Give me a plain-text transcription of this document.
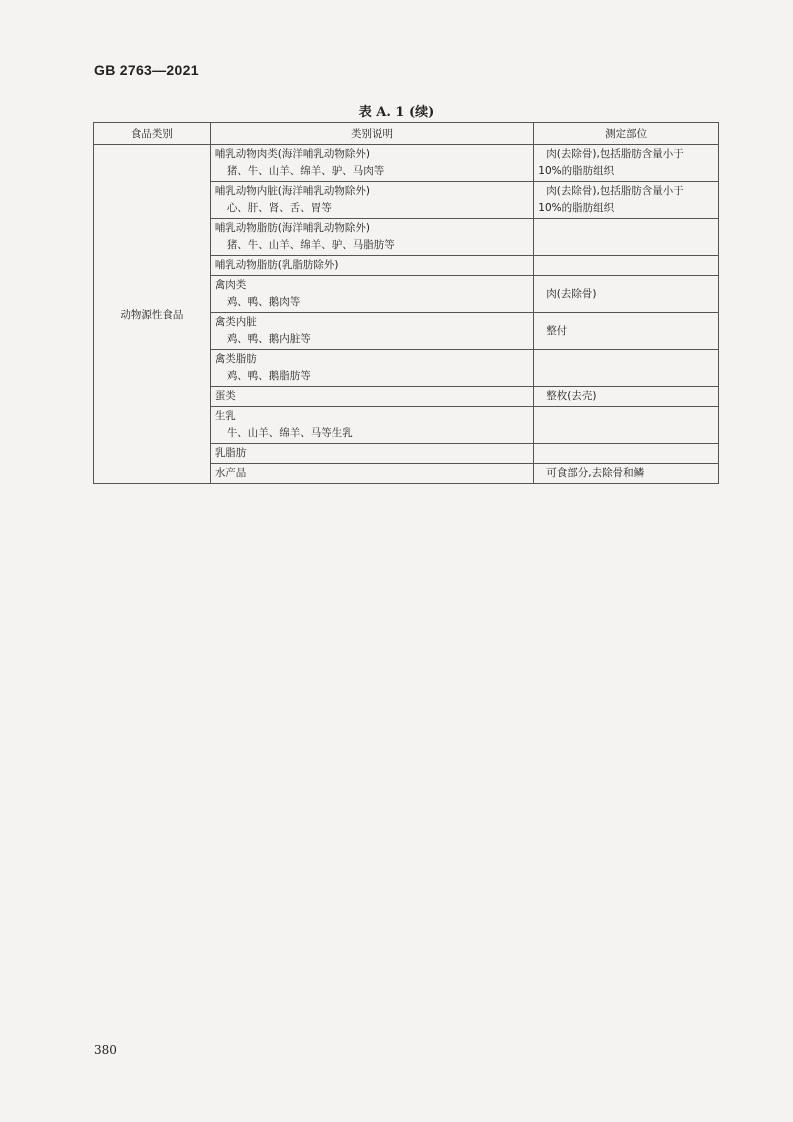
GB 2763—2021
表 A. 1 (续)
食品类别	类别说明	测定部位
动物源性食品	哺乳动物肉类(海洋哺乳动物除外)
猪、牛、山羊、绵羊、驴、马肉等	肉(去除骨),包括脂肪含量小于
10%的脂肪组织

	哺乳动物内脏(海洋哺乳动物除外)
心、肝、肾、舌、胃等	肉(去除骨),包括脂肪含量小于
10%的脂肪组织

	哺乳动物脂肪(海洋哺乳动物除外)
猪、牛、山羊、绵羊、驴、马脂肪等	

	哺乳动物脂肪(乳脂肪除外)	

	禽肉类
鸡、鸭、鹅肉等	肉(去除骨)

	禽类内脏
鸡、鸭、鹅内脏等	整付

	禽类脂肪
鸡、鸭、鹅脂肪等	

	蛋类	整枚(去壳)

	生乳
牛、山羊、绵羊、马等生乳	

	乳脂肪	

	水产品	可食部分,去除骨和鳞
380
